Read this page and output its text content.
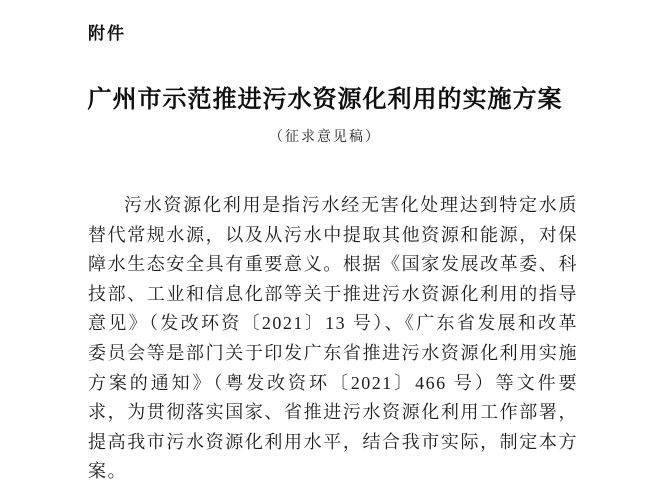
附件
广州市示范推进污水资源化利用的实施方案
（征求意见稿）

污水资源化利用是指污水经无害化处理达到特定水质替代常规水源，以及从污水中提取其他资源和能源，对保障水生态安全具有重要意义。根据《国家发展改革委、科技部、工业和信息化部等关于推进污水资源化利用的指导意见》（发改环资〔2021〕13 号）、《广东省发展和改革委员会等是部门关于印发广东省推进污水资源化利用实施方案的通知》（粤发改资环〔2021〕466 号）等文件要求，为贯彻落实国家、省推进污水资源化利用工作部署，提高我市污水资源化利用水平，结合我市实际，制定本方案。
